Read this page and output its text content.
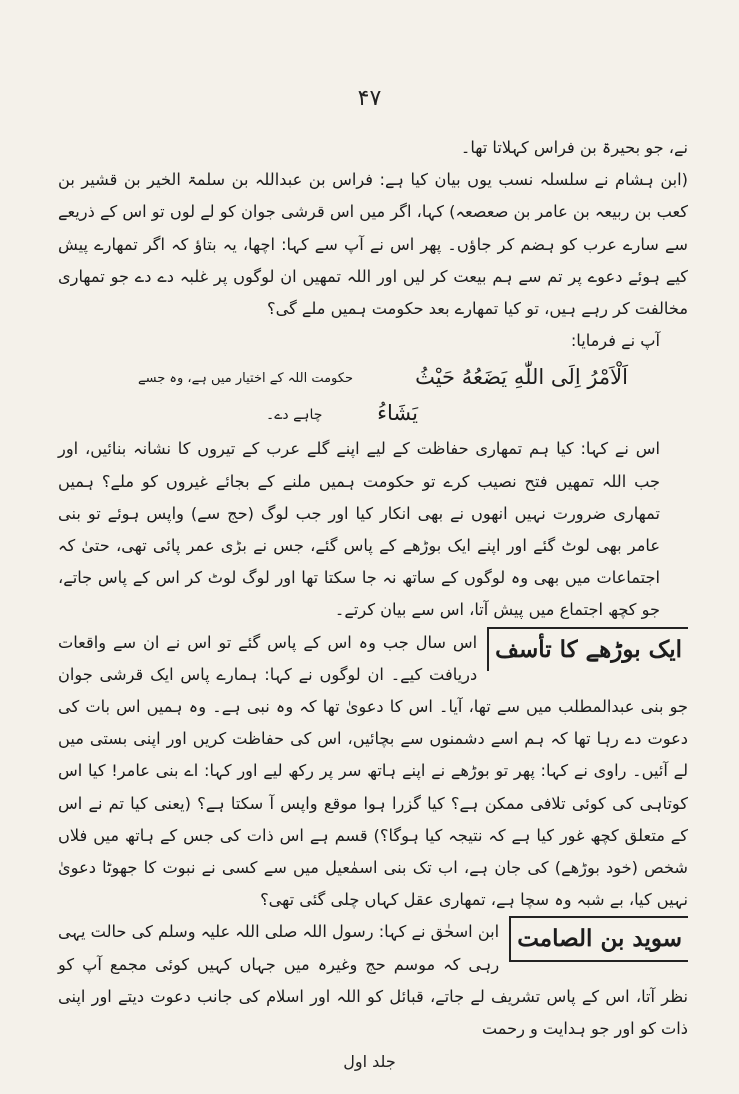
۴۷

نے، جو بحیرۃ بن فراس کہلاتا تھا۔

(ابن ہشام نے سلسلہ نسب یوں بیان کیا ہے: فراس بن عبداللہ بن سلمۃ الخیر بن قشیر بن کعب بن ربیعہ بن عامر بن صعصعہ) کہا، اگر میں اس قرشی جوان کو لے لوں تو اس کے ذریعے سے سارے عرب کو ہضم کر جاؤں۔ پھر اس نے آپ سے کہا: اچھا، یہ بتاؤ کہ اگر تمھارے پیش کیے ہوئے دعوے پر تم سے ہم بیعت کر لیں اور اللہ تمھیں ان لوگوں پر غلبہ دے دے جو تمھاری مخالفت کر رہے ہیں، تو کیا تمھارے بعد حکومت ہمیں ملے گی؟

آپ نے فرمایا:

اَلْاَمْرُ اِلَى اللّٰهِ يَضَعُهُ حَيْثُ
حکومت اللہ کے اختیار میں ہے، وہ جسے
يَشَاءُ
چاہے دے۔

اس نے کہا: کیا ہم تمھاری حفاظت کے لیے اپنے گلے عرب کے تیروں کا نشانہ بنائیں، اور جب اللہ تمھیں فتح نصیب کرے تو حکومت ہمیں ملنے کے بجائے غیروں کو ملے؟ ہمیں تمھاری ضرورت نہیں انھوں نے بھی انکار کیا اور جب لوگ (حج سے) واپس ہوئے تو بنی عامر بھی لوٹ گئے اور اپنے ایک بوڑھے کے پاس گئے، جس نے بڑی عمر پائی تھی، حتیٰ کہ اجتماعات میں بھی وہ لوگوں کے ساتھ نہ جا سکتا تھا اور لوگ لوٹ کر اس کے پاس جاتے، جو کچھ اجتماع میں پیش آتا، اس سے بیان کرتے۔

ایک بوڑھے کا تأسف

اس سال جب وہ اس کے پاس گئے تو اس نے ان سے واقعات دریافت کیے۔ ان لوگوں نے کہا: ہمارے پاس ایک قرشی جوان جو بنی عبدالمطلب میں سے تھا، آیا۔ اس کا دعویٰ تھا کہ وہ نبی ہے۔ وہ ہمیں اس بات کی دعوت دے رہا تھا کہ ہم اسے دشمنوں سے بچائیں، اس کی حفاظت کریں اور اپنی بستی میں لے آئیں۔ راوی نے کہا: پھر تو بوڑھے نے اپنے ہاتھ سر پر رکھ لیے اور کہا: اے بنی عامر! کیا اس کوتاہی کی کوئی تلافی ممکن ہے؟ کیا گزرا ہوا موقع واپس آ سکتا ہے؟ (یعنی کیا تم نے اس کے متعلق کچھ غور کیا ہے کہ نتیجہ کیا ہوگا؟) قسم ہے اس ذات کی جس کے ہاتھ میں فلاں شخص (خود بوڑھے) کی جان ہے، اب تک بنی اسمٰعیل میں سے کسی نے نبوت کا جھوٹا دعویٰ نہیں کیا، بے شبہ وہ سچا ہے، تمھاری عقل کہاں چلی گئی تھی؟

سوید بن الصامت

ابن اسحٰق نے کہا: رسول اللہ صلی اللہ علیہ وسلم کی حالت یہی رہی کہ موسم حج وغیرہ میں جہاں کہیں کوئی مجمع آپ کو نظر آتا، اس کے پاس تشریف لے جاتے، قبائل کو اللہ اور اسلام کی جانب دعوت دیتے اور اپنی ذات کو اور جو ہدایت و رحمت

جلد اول
